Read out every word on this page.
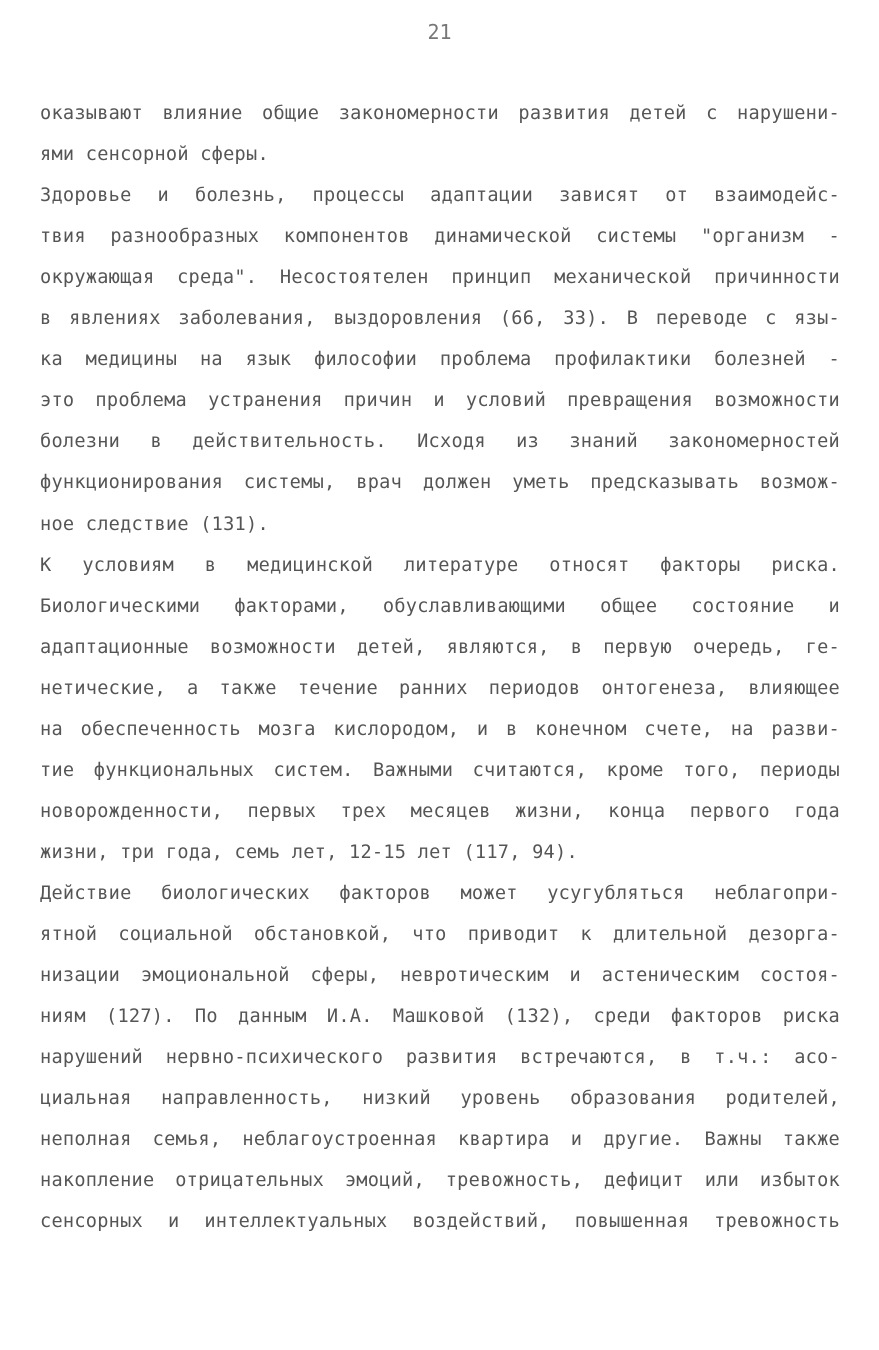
21
оказывают влияние общие закономерности развития детей с нарушени-
ями сенсорной сферы.
Здоровье и болезнь, процессы адаптации зависят от взаимодейс-
твия разнообразных компонентов динамической системы "организм -
окружающая среда". Несостоятелен принцип механической причинности
в явлениях заболевания, выздоровления (66, 33). В переводе с язы-
ка медицины на язык философии проблема профилактики болезней -
это проблема устранения причин и условий превращения возможности
болезни в действительность. Исходя из знаний закономерностей
функционирования системы, врач должен уметь предсказывать возмож-
ное следствие (131).
К условиям в медицинской литературе относят факторы риска.
Биологическими факторами, обуславливающими общее состояние и
адаптационные возможности детей, являются, в первую очередь, ге-
нетические, а также течение ранних периодов онтогенеза, влияющее
на обеспеченность мозга кислородом, и в конечном счете, на разви-
тие функциональных систем. Важными считаются, кроме того, периоды
новорожденности, первых трех месяцев жизни, конца первого года
жизни, три года, семь лет, 12-15 лет (117, 94).
Действие биологических факторов может усугубляться неблагопри-
ятной социальной обстановкой, что приводит к длительной дезорга-
низации эмоциональной сферы, невротическим и астеническим состоя-
ниям (127). По данным И.А. Машковой (132), среди факторов риска
нарушений нервно-психического развития встречаются, в т.ч.: асо-
циальная направленность, низкий уровень образования родителей,
неполная семья, неблагоустроенная квартира и другие. Важны также
накопление отрицательных эмоций, тревожность, дефицит или избыток
сенсорных и интеллектуальных воздействий, повышенная тревожность
